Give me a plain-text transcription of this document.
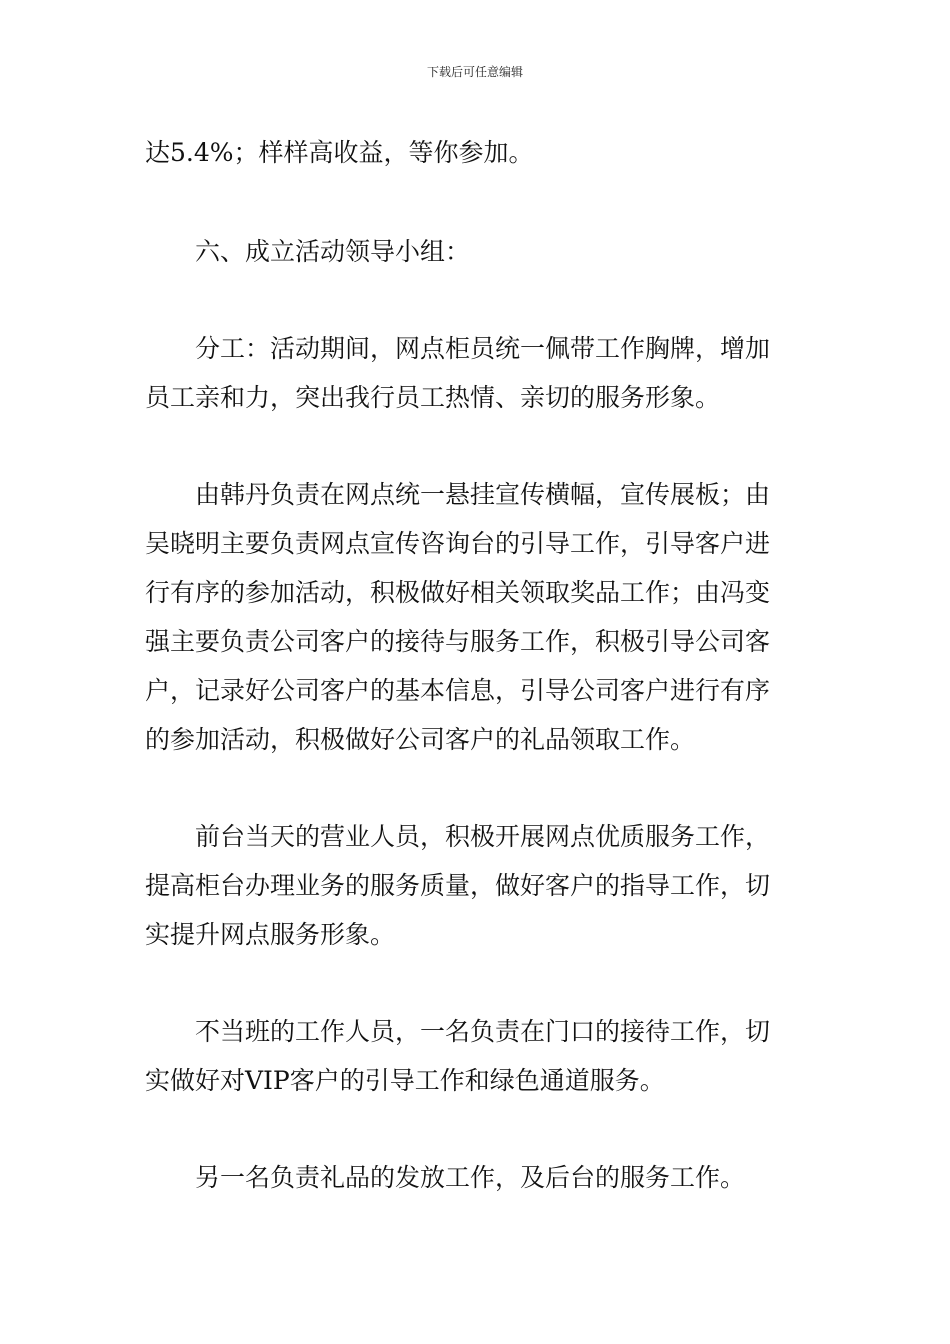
下载后可任意编辑

达5.4%；样样高收益，等你参加。

六、成立活动领导小组：

分工：活动期间，网点柜员统一佩带工作胸牌，增加
员工亲和力，突出我行员工热情、亲切的服务形象。

由韩丹负责在网点统一悬挂宣传横幅，宣传展板；由
吴晓明主要负责网点宣传咨询台的引导工作，引导客户进
行有序的参加活动，积极做好相关领取奖品工作；由冯变
强主要负责公司客户的接待与服务工作，积极引导公司客
户，记录好公司客户的基本信息，引导公司客户进行有序
的参加活动，积极做好公司客户的礼品领取工作。

前台当天的营业人员，积极开展网点优质服务工作，
提高柜台办理业务的服务质量，做好客户的指导工作，切
实提升网点服务形象。

不当班的工作人员，一名负责在门口的接待工作，切
实做好对VIP客户的引导工作和绿色通道服务。

另一名负责礼品的发放工作，及后台的服务工作。
